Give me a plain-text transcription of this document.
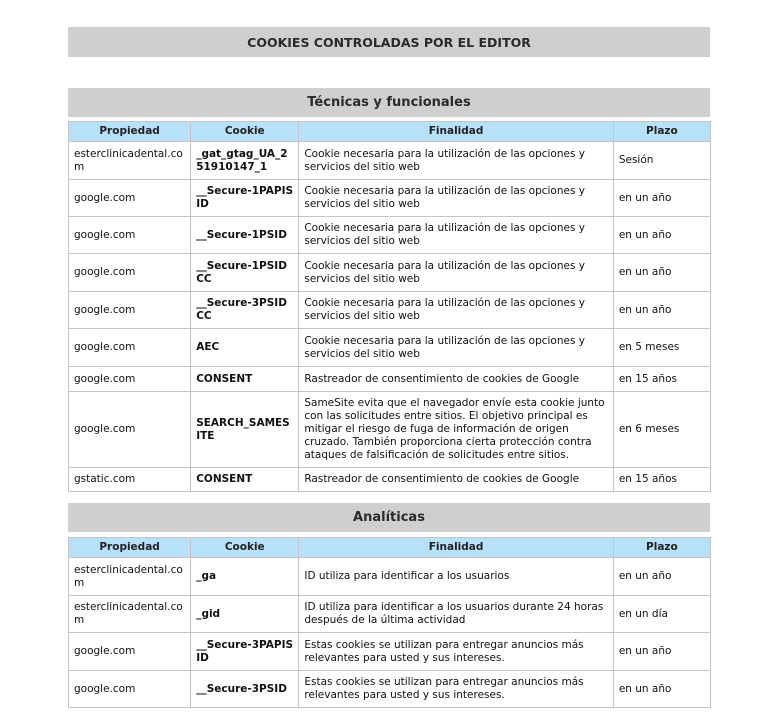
COOKIES CONTROLADAS POR EL EDITOR
Técnicas y funcionales
Propiedad	Cookie	Finalidad	Plazo
esterclinicadental.com	_gat_gtag_UA_251910147_1	Cookie necesaria para la utilización de las opciones y servicios del sitio web	Sesión
google.com	__Secure-1PAPISID	Cookie necesaria para la utilización de las opciones y servicios del sitio web	en un año
google.com	__Secure-1PSID	Cookie necesaria para la utilización de las opciones y servicios del sitio web	en un año
google.com	__Secure-1PSIDCC	Cookie necesaria para la utilización de las opciones y servicios del sitio web	en un año
google.com	__Secure-3PSIDCC	Cookie necesaria para la utilización de las opciones y servicios del sitio web	en un año
google.com	AEC	Cookie necesaria para la utilización de las opciones y servicios del sitio web	en 5 meses
google.com	CONSENT	Rastreador de consentimiento de cookies de Google	en 15 años
google.com	SEARCH_SAMESITE	SameSite evita que el navegador envíe esta cookie junto con las solicitudes entre sitios. El objetivo principal es mitigar el riesgo de fuga de información de origen cruzado. También proporciona cierta protección contra ataques de falsificación de solicitudes entre sitios.	en 6 meses
gstatic.com	CONSENT	Rastreador de consentimiento de cookies de Google	en 15 años
Analíticas
Propiedad	Cookie	Finalidad	Plazo
esterclinicadental.com	_ga	ID utiliza para identificar a los usuarios	en un año
esterclinicadental.com	_gid	ID utiliza para identificar a los usuarios durante 24 horas después de la última actividad	en un día
google.com	__Secure-3PAPISID	Estas cookies se utilizan para entregar anuncios más relevantes para usted y sus intereses.	en un año
google.com	__Secure-3PSID	Estas cookies se utilizan para entregar anuncios más relevantes para usted y sus intereses.	en un año
